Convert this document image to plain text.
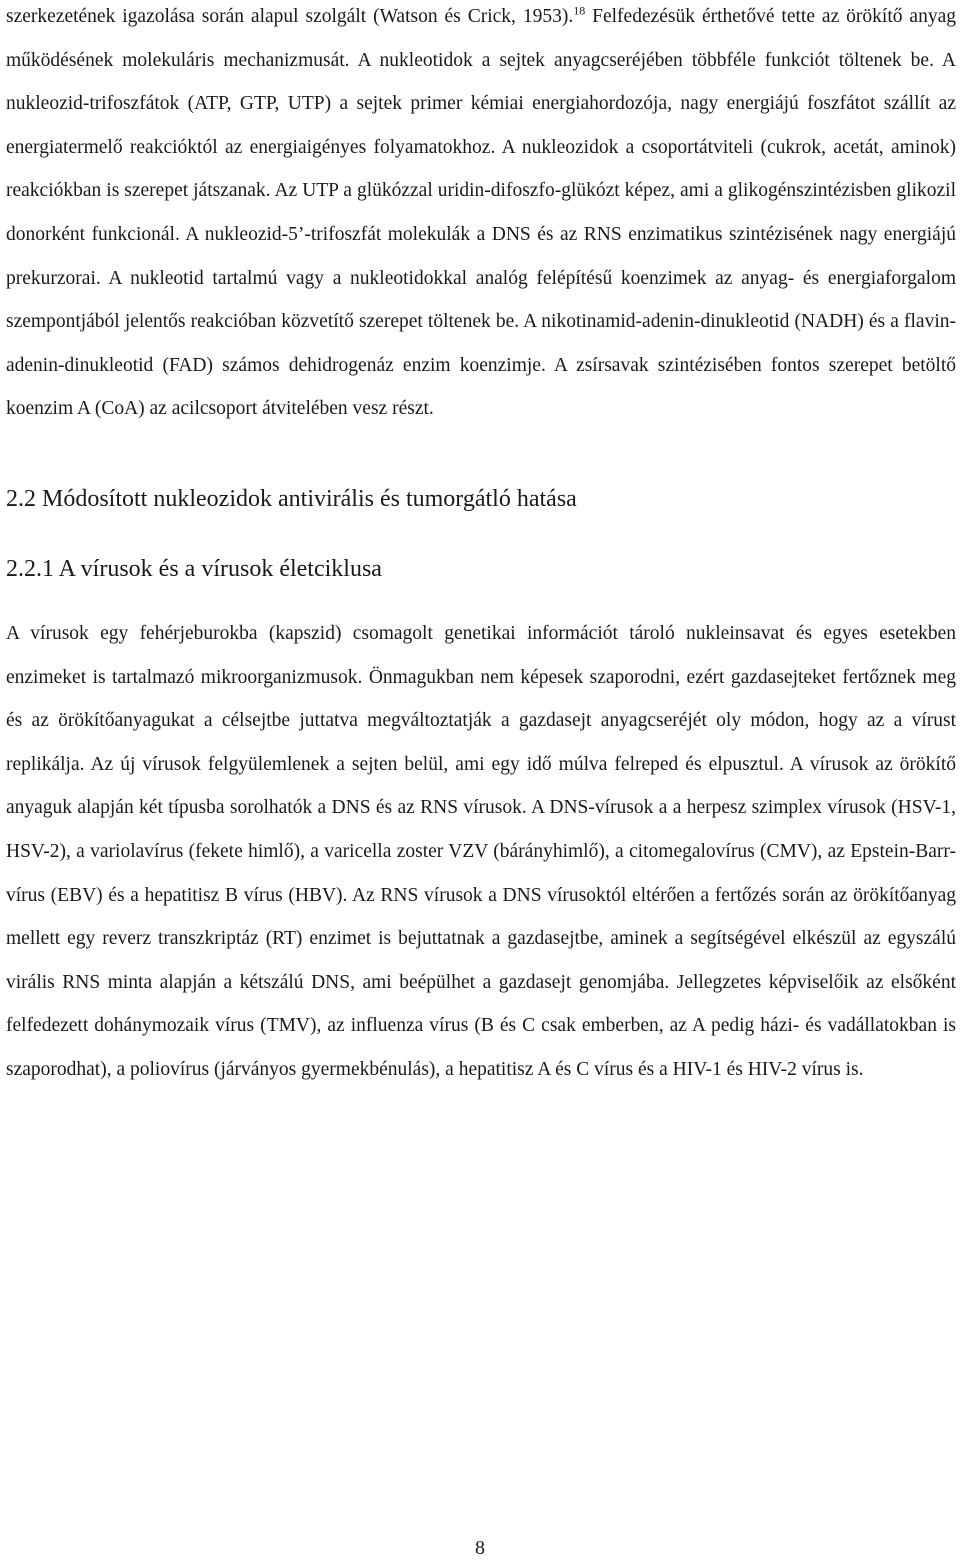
szerkezetének igazolása során alapul szolgált (Watson és Crick, 1953).$^{18}$ Felfedezésük érthetővé tette az örökítő anyag működésének molekuláris mechanizmusát. A nukleotidok a sejtek anyagcseréjében többféle funkciót töltenek be. A nukleozid-trifoszfátok (ATP, GTP, UTP) a sejtek primer kémiai energiahordozója, nagy energiájú foszfátot szállít az energiatermelő reakcióktól az energiaigényes folyamatokhoz. A nukleozidok a csoportátviteli (cukrok, acetát, aminok) reakciókban is szerepet játszanak. Az UTP a glükózzal uridin-difoszfo-glükózt képez, ami a glikogénszintézisben glikozil donorként funkcionál. A nukleozid-5’-trifoszfát molekulák a DNS és az RNS enzimatikus szintézisének nagy energiájú prekurzorai. A nukleotid tartalmú vagy a nukleotidokkal analóg felépítésű koenzimek az anyag- és energiaforgalom szempontjából jelentős reakcióban közvetítő szerepet töltenek be. A nikotinamid-adenin-dinukleotid (NADH) és a flavin-adenin-dinukleotid (FAD) számos dehidrogenáz enzim koenzimje. A zsírsavak szintézisében fontos szerepet betöltő koenzim A (CoA) az acilcsoport átvitelében vesz részt.

2.2 Módosított nukleozidok antivirális és tumorgátló hatása
2.2.1 A vírusok és a vírusok életciklusa

A vírusok egy fehérjeburokba (kapszid) csomagolt genetikai információt tároló nukleinsavat és egyes esetekben enzimeket is tartalmazó mikroorganizmusok. Önmagukban nem képesek szaporodni, ezért gazdasejteket fertőznek meg és az örökítőanyagukat a célsejtbe juttatva megváltoztatják a gazdasejt anyagcseréjét oly módon, hogy az a vírust replikálja. Az új vírusok felgyülemlenek a sejten belül, ami egy idő múlva felreped és elpusztul. A vírusok az örökítő anyaguk alapján két típusba sorolhatók a DNS és az RNS vírusok. A DNS-vírusok a a herpesz szimplex vírusok (HSV-1, HSV-2), a variolavírus (fekete himlő), a varicella zoster VZV (bárányhimlő), a citomegalovírus (CMV), az Epstein-Barr-vírus (EBV) és a hepatitisz B vírus (HBV). Az RNS vírusok a DNS vírusoktól eltérően a fertőzés során az örökítőanyag mellett egy reverz transzkriptáz (RT) enzimet is bejuttatnak a gazdasejtbe, aminek a segítségével elkészül az egyszálú virális RNS minta alapján a kétszálú DNS, ami beépülhet a gazdasejt genomjába. Jellegzetes képviselőik az elsőként felfedezett dohánymozaik vírus (TMV), az influenza vírus (B és C csak emberben, az A pedig házi- és vadállatokban is szaporodhat), a poliovírus (járványos gyermekbénulás), a hepatitisz A és C vírus és a HIV-1 és HIV-2 vírus is.

8
